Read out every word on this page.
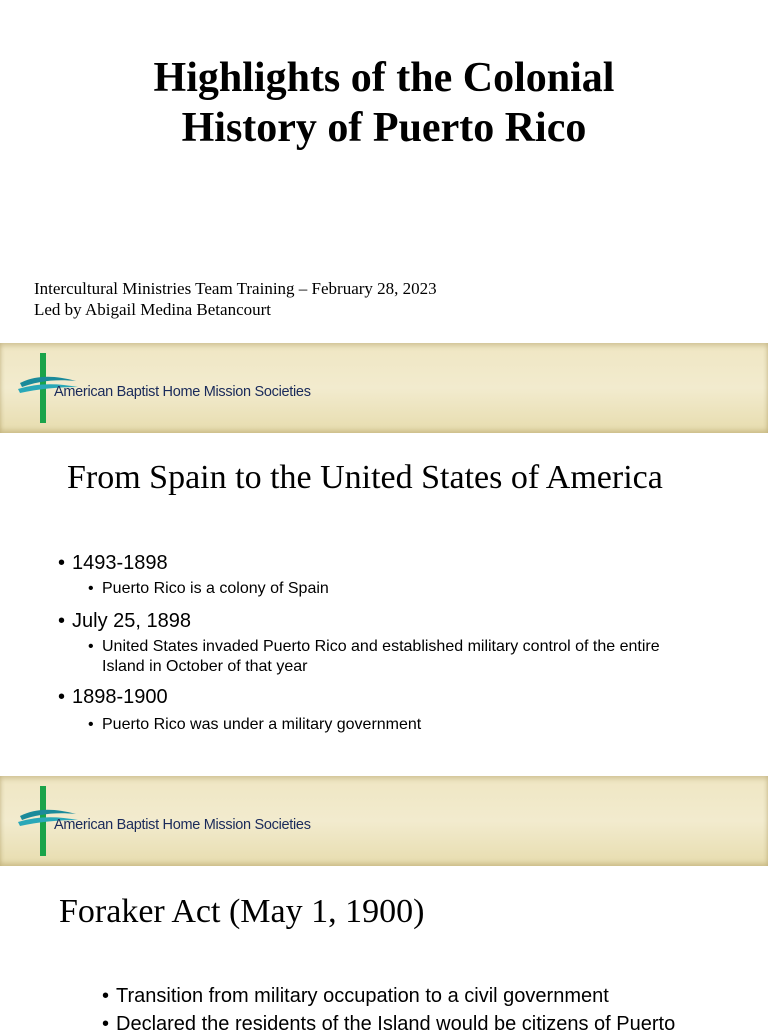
Highlights of the Colonial
History of Puerto Rico
Intercultural Ministries Team Training – February 28, 2023
Led by Abigail Medina Betancourt
American Baptist Home Mission Societies
From Spain to the United States of America
• 1493-1898
• Puerto Rico is a colony of Spain
• July 25, 1898
• United States invaded Puerto Rico and established military control of the entire Island in October of that year
• 1898-1900
• Puerto Rico was under a military government
American Baptist Home Mission Societies
Foraker Act (May 1, 1900)
• Transition from military occupation to a civil government
• Declared the residents of the Island would be citizens of Puerto
